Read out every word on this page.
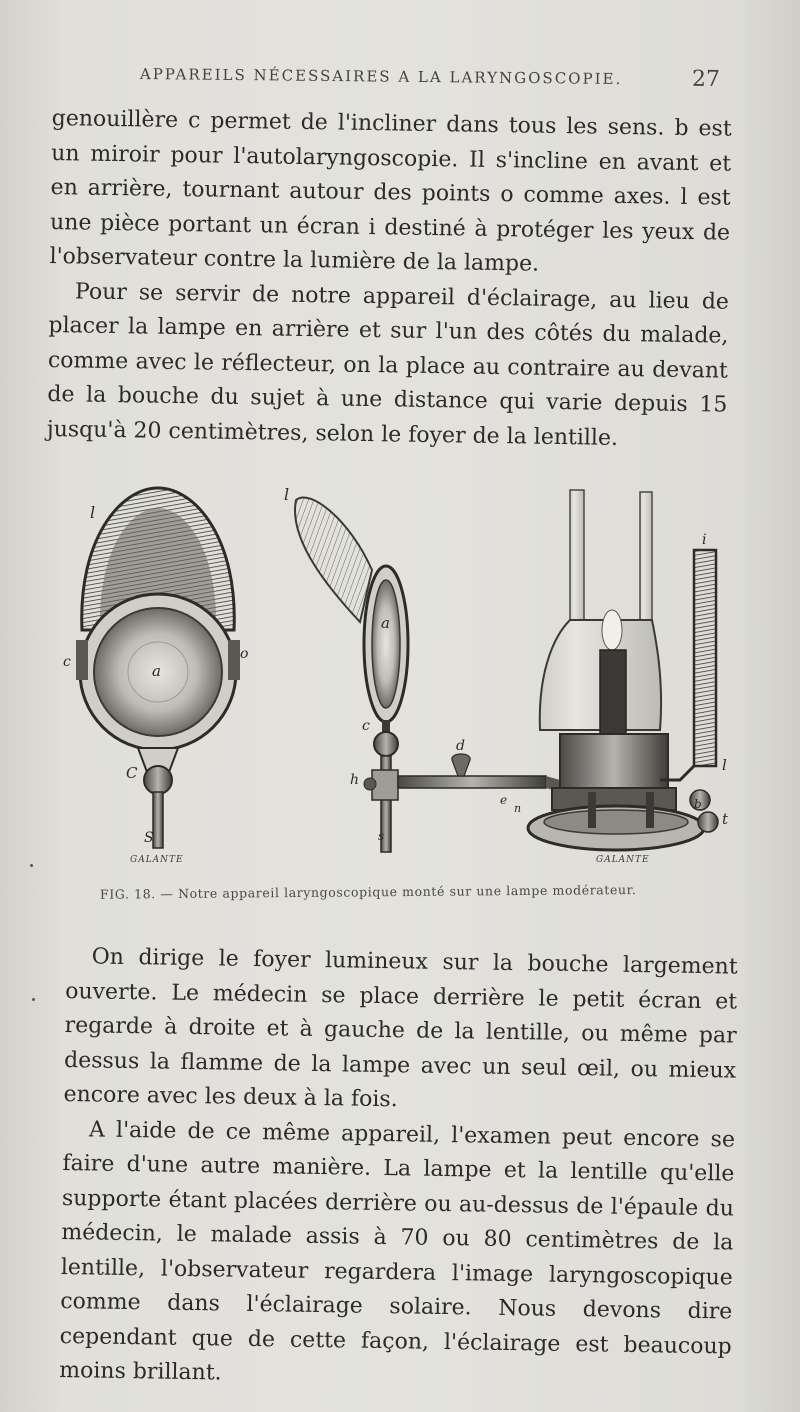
APPAREILS NÉCESSAIRES A LA LARYNGOSCOPIE.	27

genouillère c permet de l'incliner dans tous les sens. b est un miroir pour l'autolaryngoscopie. Il s'incline en avant et en arrière, tournant autour des points o comme axes. l est une pièce portant un écran i destiné à protéger les yeux de l'observateur contre la lumière de la lampe.

Pour se servir de notre appareil d'éclairage, au lieu de placer la lampe en arrière et sur l'un des côtés du malade, comme avec le réflecteur, on la place au contraire au devant de la bouche du sujet à une distance qui varie depuis 15 jusqu'à 20 centimètres, selon le foyer de la lentille.

l
c	o
a
C
S
GALANTE
l
a
c
d
h
s
e
n
i
l
b
t
GALANTE
FIG. 18. — Notre appareil laryngoscopique monté sur une lampe modérateur.

On dirige le foyer lumineux sur la bouche largement ouverte. Le médecin se place derrière le petit écran et regarde à droite et à gauche de la lentille, ou même par dessus la flamme de la lampe avec un seul œil, ou mieux encore avec les deux à la fois.

A l'aide de ce même appareil, l'examen peut encore se faire d'une autre manière. La lampe et la lentille qu'elle supporte étant placées derrière ou au-dessus de l'épaule du médecin, le malade assis à 70 ou 80 centimètres de la lentille, l'observateur regardera l'image laryngoscopique comme dans l'éclairage solaire. Nous devons dire cependant que de cette façon, l'éclairage est beaucoup moins brillant.
